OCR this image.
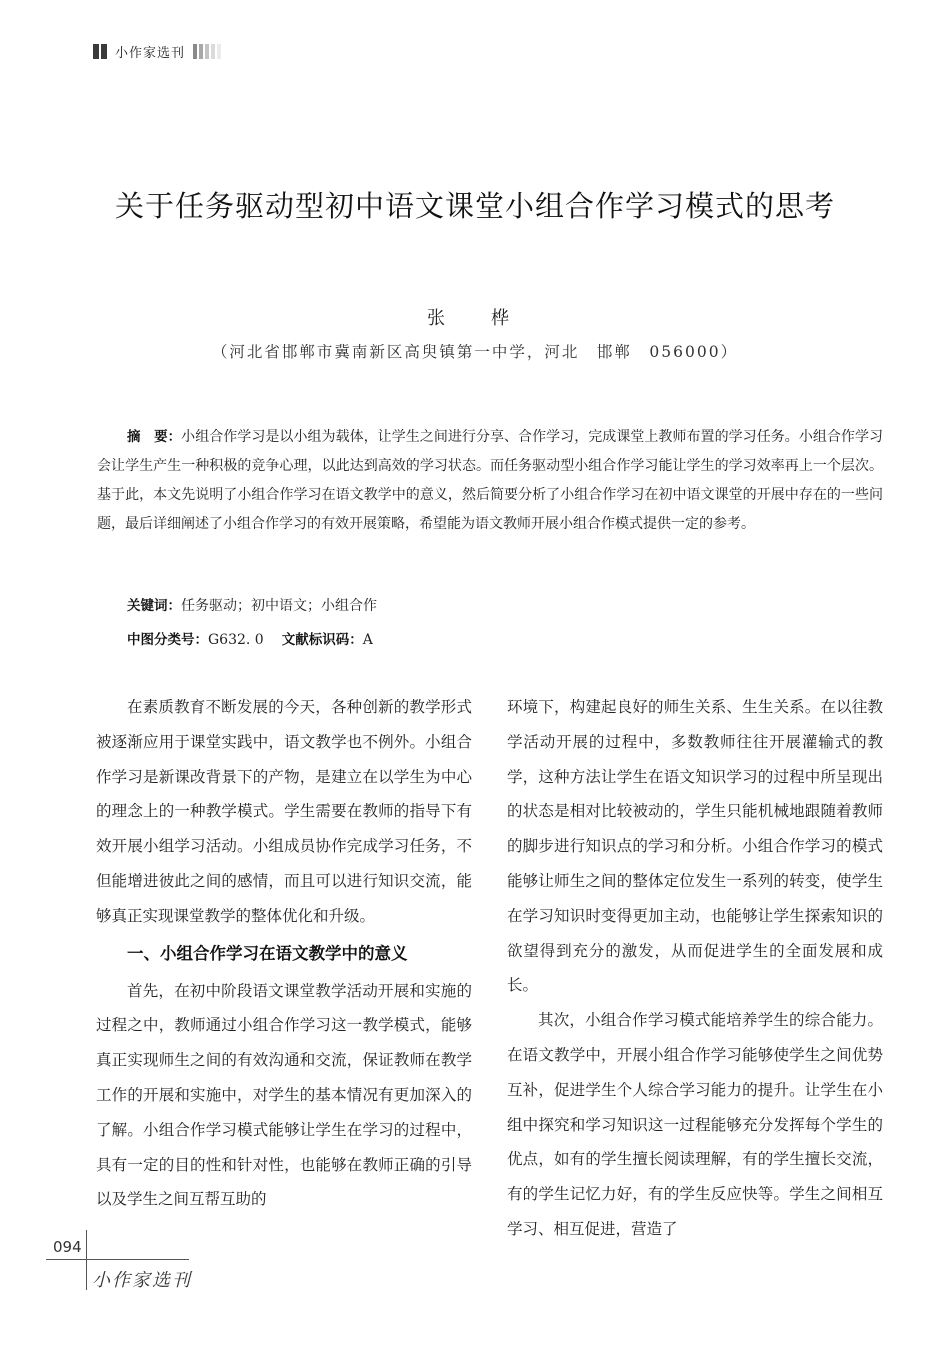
小作家选刊
关于任务驱动型初中语文课堂小组合作学习模式的思考
张　桦
（河北省邯郸市冀南新区高臾镇第一中学，河北　邯郸　056000）
摘　要：小组合作学习是以小组为载体，让学生之间进行分享、合作学习，完成课堂上教师布置的学习任务。小组合作学习会让学生产生一种积极的竞争心理，以此达到高效的学习状态。而任务驱动型小组合作学习能让学生的学习效率再上一个层次。基于此，本文先说明了小组合作学习在语文教学中的意义，然后简要分析了小组合作学习在初中语文课堂的开展中存在的一些问题，最后详细阐述了小组合作学习的有效开展策略，希望能为语文教师开展小组合作模式提供一定的参考。
关键词：任务驱动；初中语文；小组合作
中图分类号：G632. 0 文献标识码：A

在素质教育不断发展的今天，各种创新的教学形式被逐渐应用于课堂实践中，语文教学也不例外。小组合作学习是新课改背景下的产物，是建立在以学生为中心的理念上的一种教学模式。学生需要在教师的指导下有效开展小组学习活动。小组成员协作完成学习任务，不但能增进彼此之间的感情，而且可以进行知识交流，能够真正实现课堂教学的整体优化和升级。

一、小组合作学习在语文教学中的意义

首先，在初中阶段语文课堂教学活动开展和实施的过程之中，教师通过小组合作学习这一教学模式，能够真正实现师生之间的有效沟通和交流，保证教师在教学工作的开展和实施中，对学生的基本情况有更加深入的了解。小组合作学习模式能够让学生在学习的过程中，具有一定的目的性和针对性，也能够在教师正确的引导以及学生之间互帮互助的

环境下，构建起良好的师生关系、生生关系。在以往教学活动开展的过程中，多数教师往往开展灌输式的教学，这种方法让学生在语文知识学习的过程中所呈现出的状态是相对比较被动的，学生只能机械地跟随着教师的脚步进行知识点的学习和分析。小组合作学习的模式能够让师生之间的整体定位发生一系列的转变，使学生在学习知识时变得更加主动，也能够让学生探索知识的欲望得到充分的激发，从而促进学生的全面发展和成长。

其次，小组合作学习模式能培养学生的综合能力。在语文教学中，开展小组合作学习能够使学生之间优势互补，促进学生个人综合学习能力的提升。让学生在小组中探究和学习知识这一过程能够充分发挥每个学生的优点，如有的学生擅长阅读理解，有的学生擅长交流，有的学生记忆力好，有的学生反应快等。学生之间相互学习、相互促进，营造了

094
小作家选刊
